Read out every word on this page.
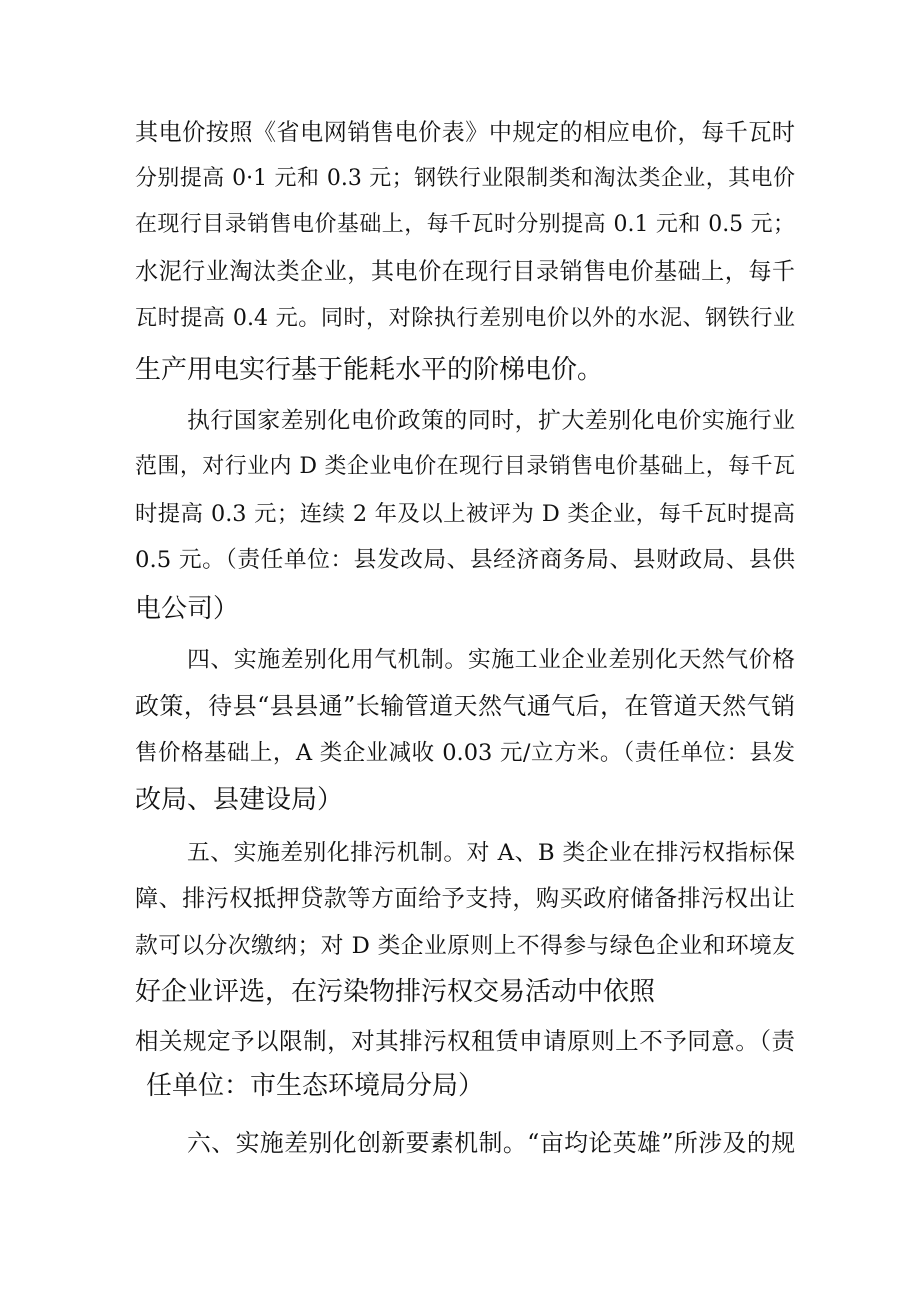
其电价按照《省电网销售电价表》中规定的相应电价，每千瓦时
分别提高 0·1 元和 0.3 元；钢铁行业限制类和淘汰类企业，其电价
在现行目录销售电价基础上，每千瓦时分别提高 0.1 元和 0.5 元；
水泥行业淘汰类企业，其电价在现行目录销售电价基础上，每千
瓦时提高 0.4 元。同时，对除执行差别电价以外的水泥、钢铁行业
生产用电实行基于能耗水平的阶梯电价。
执行国家差别化电价政策的同时，扩大差别化电价实施行业
范围，对行业内 D 类企业电价在现行目录销售电价基础上，每千瓦
时提高 0.3 元；连续 2 年及以上被评为 D 类企业，每千瓦时提高
0.5 元。（责任单位：县发改局、县经济商务局、县财政局、县供
电公司）
四、实施差别化用气机制。实施工业企业差别化天然气价格
政策，待县“县县通”长输管道天然气通气后，在管道天然气销
售价格基础上，A 类企业减收 0.03 元/立方米。（责任单位：县发
改局、县建设局）
五、实施差别化排污机制。对 A、B 类企业在排污权指标保
障、排污权抵押贷款等方面给予支持，购买政府储备排污权出让
款可以分次缴纳；对 D 类企业原则上不得参与绿色企业和环境友
好企业评选，在污染物排污权交易活动中依照
相关规定予以限制，对其排污权租赁申请原则上不予同意。（责
任单位：市生态环境局分局）
六、实施差别化创新要素机制。“亩均论英雄”所涉及的规
